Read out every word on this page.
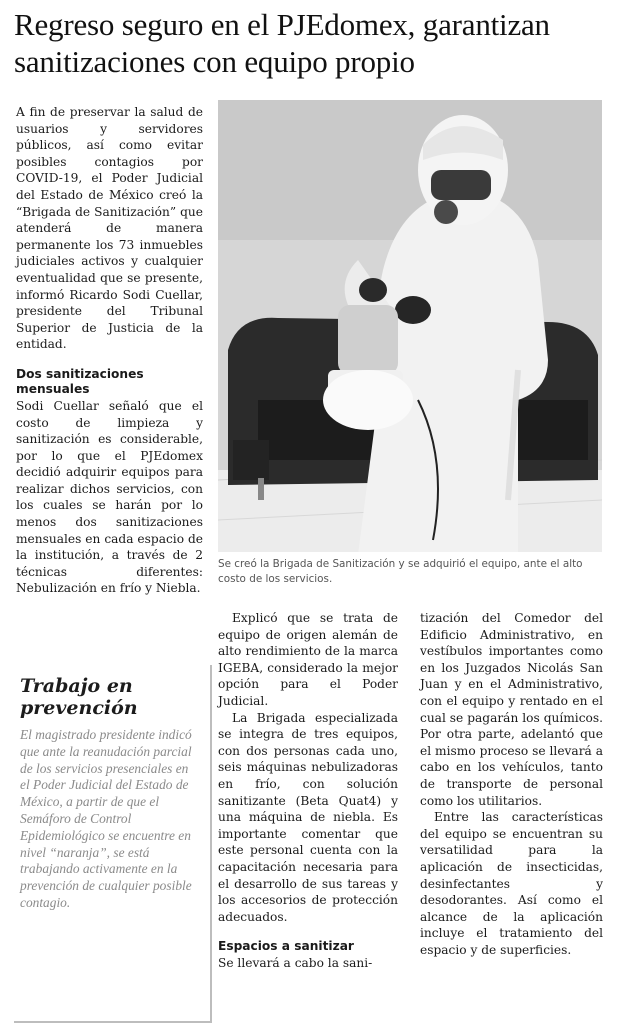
Regreso seguro en el PJEdomex, garantizan sanitizaciones con equipo propio

A fin de preservar la salud de usuarios y servidores públicos, así como evitar posibles contagios por COVID-19, el Poder Judicial del Estado de México creó la “Brigada de Sanitización” que atenderá de manera permanente los 73 inmuebles judiciales activos y cualquier eventualidad que se presente, informó Ricardo Sodi Cuellar, presidente del Tribunal Superior de Justicia de la entidad.

Dos sanitizaciones mensuales

Sodi Cuellar señaló que el costo de limpieza y sanitización es considerable, por lo que el PJEdomex decidió adquirir equipos para realizar dichos servicios, con los cuales se harán por lo menos dos sanitizaciones mensuales en cada espacio de la institución, a través de 2 técnicas diferentes: Nebulización en frío y Niebla.

Trabajo en prevención

El magistrado presidente indicó que ante la reanudación parcial de los servicios presenciales en el Poder Judicial del Estado de México, a partir de que el Semáforo de Control Epidemiológico se encuentre en nivel “naranja”, se está trabajando activamente en la prevención de cualquier posible contagio.

Se creó la Brigada de Sanitización y se adquirió el equipo, ante el alto costo de los servicios.

Explicó que se trata de equipo de origen alemán de alto rendimiento de la marca IGEBA, considerado la mejor opción para el Poder Judicial.

La Brigada especializada se integra de tres equipos, con dos personas cada uno, seis máquinas nebulizadoras en frío, con solución sanitizante (Beta Quat4) y una máquina de niebla. Es importante comentar que este personal cuenta con la capacitación necesaria para el desarrollo de sus tareas y los accesorios de protección adecuados.

Espacios a sanitizar

Se llevará a cabo la sani-

tización del Comedor del Edificio Administrativo, en vestíbulos importantes como en los Juzgados Nicolás San Juan y en el Administrativo, con el equipo y rentado en el cual se pagarán los químicos. Por otra parte, adelantó que el mismo proceso se llevará a cabo en los vehículos, tanto de transporte de personal como los utilitarios.

Entre las características del equipo se encuentran su versatilidad para la aplicación de insecticidas, desinfectantes y desodorantes. Así como el alcance de la aplicación incluye el tratamiento del espacio y de superficies.
